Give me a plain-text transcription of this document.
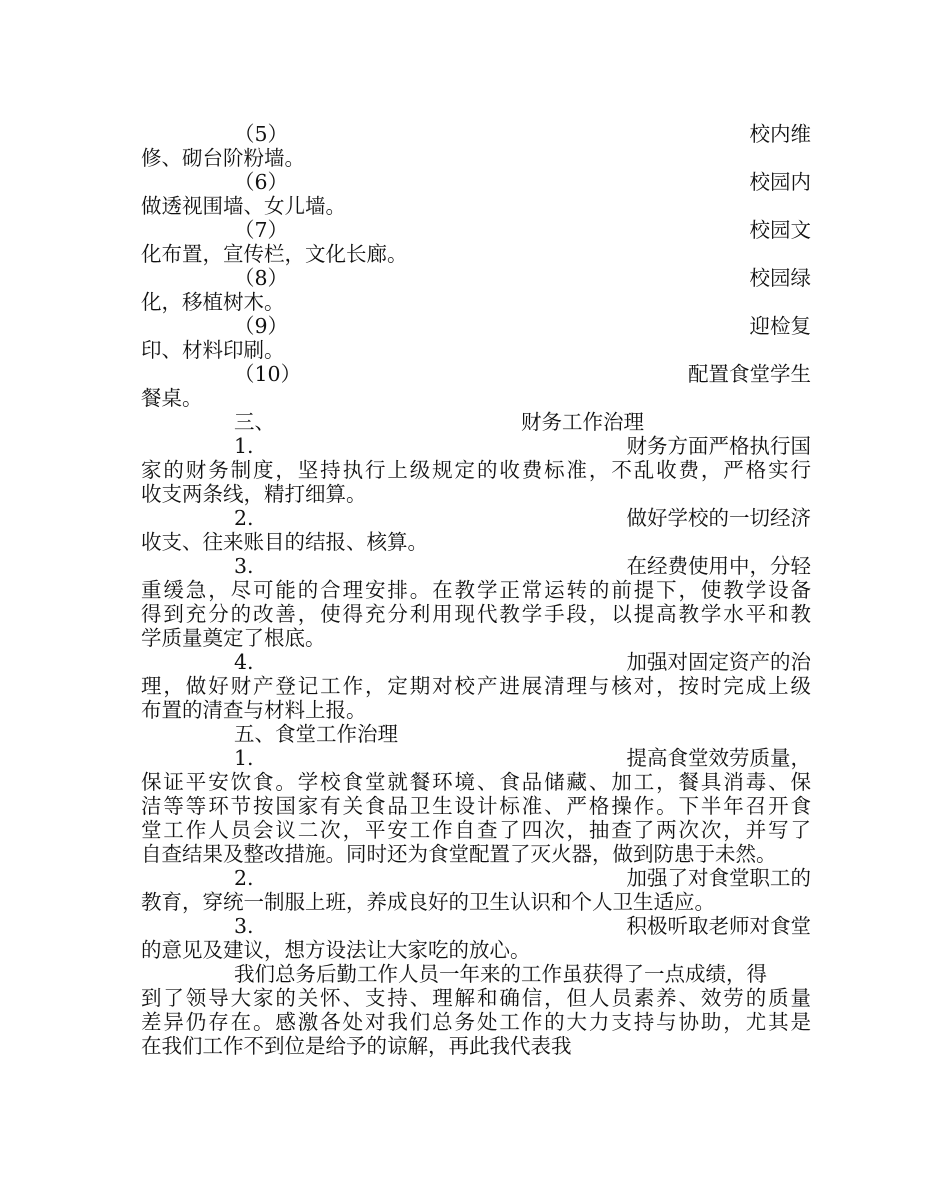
（5）	校内维
修、砌台阶粉墙。
（6）	校园内
做透视围墙、女儿墙。
（7）	校园文
化布置，宣传栏，文化长廊。
（8）	校园绿
化，移植树木。
（9）	迎检复
印、材料印刷。
（10）	配置食堂学生
餐桌。
三、	财务工作治理
1.	财务方面严格执行国
家的财务制度，坚持执行上级规定的收费标准，不乱收费，严格实行
收支两条线，精打细算。
2.	做好学校的一切经济
收支、往来账目的结报、核算。
3.	在经费使用中，分轻
重缓急，尽可能的合理安排。在教学正常运转的前提下，使教学设备
得到充分的改善，使得充分利用现代教学手段，以提高教学水平和教
学质量奠定了根底。
4.	加强对固定资产的治
理，做好财产登记工作，定期对校产进展清理与核对，按时完成上级
布置的清查与材料上报。
五、食堂工作治理
1.	提高食堂效劳质量，
保证平安饮食。学校食堂就餐环境、食品储藏、加工，餐具消毒、保
洁等等环节按国家有关食品卫生设计标准、严格操作。下半年召开食
堂工作人员会议二次，平安工作自查了四次，抽查了两次次，并写了
自查结果及整改措施。同时还为食堂配置了灭火器，做到防患于未然。
2.	加强了对食堂职工的
教育，穿统一制服上班，养成良好的卫生认识和个人卫生适应。
3.	积极听取老师对食堂
的意见及建议，想方设法让大家吃的放心。
我们总务后勤工作人员一年来的工作虽获得了一点成绩，得
到了领导大家的关怀、支持、理解和确信，但人员素养、效劳的质量
差异仍存在。感激各处对我们总务处工作的大力支持与协助，尤其是
在我们工作不到位是给予的谅解，再此我代表我
